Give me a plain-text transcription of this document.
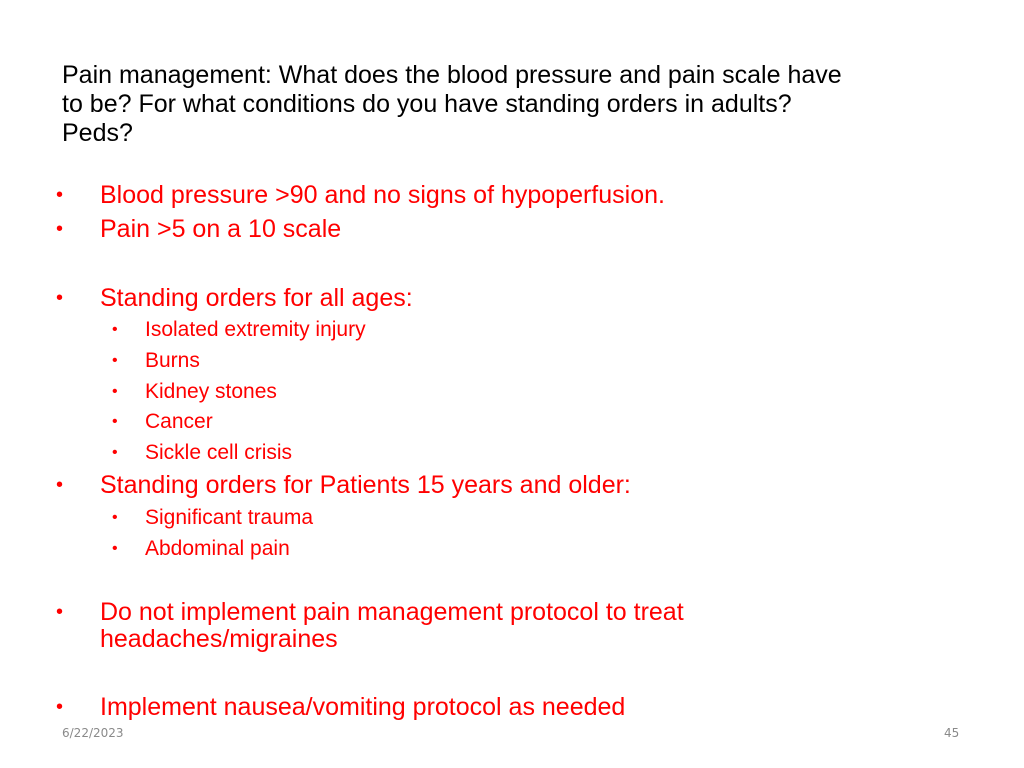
Pain management: What does the blood pressure and pain scale have
to be? For what conditions do you have standing orders in adults?
Peds?

• Blood pressure >90 and no signs of hypoperfusion.

• Pain >5 on a 10 scale

• Standing orders for all ages:

• Isolated extremity injury

• Burns

• Kidney stones

• Cancer

• Sickle cell crisis

• Standing orders for Patients 15 years and older:

• Significant trauma

• Abdominal pain

• Do not implement pain management protocol to treat
headaches/migraines

• Implement nausea/vomiting protocol as needed

6/22/2023	45
